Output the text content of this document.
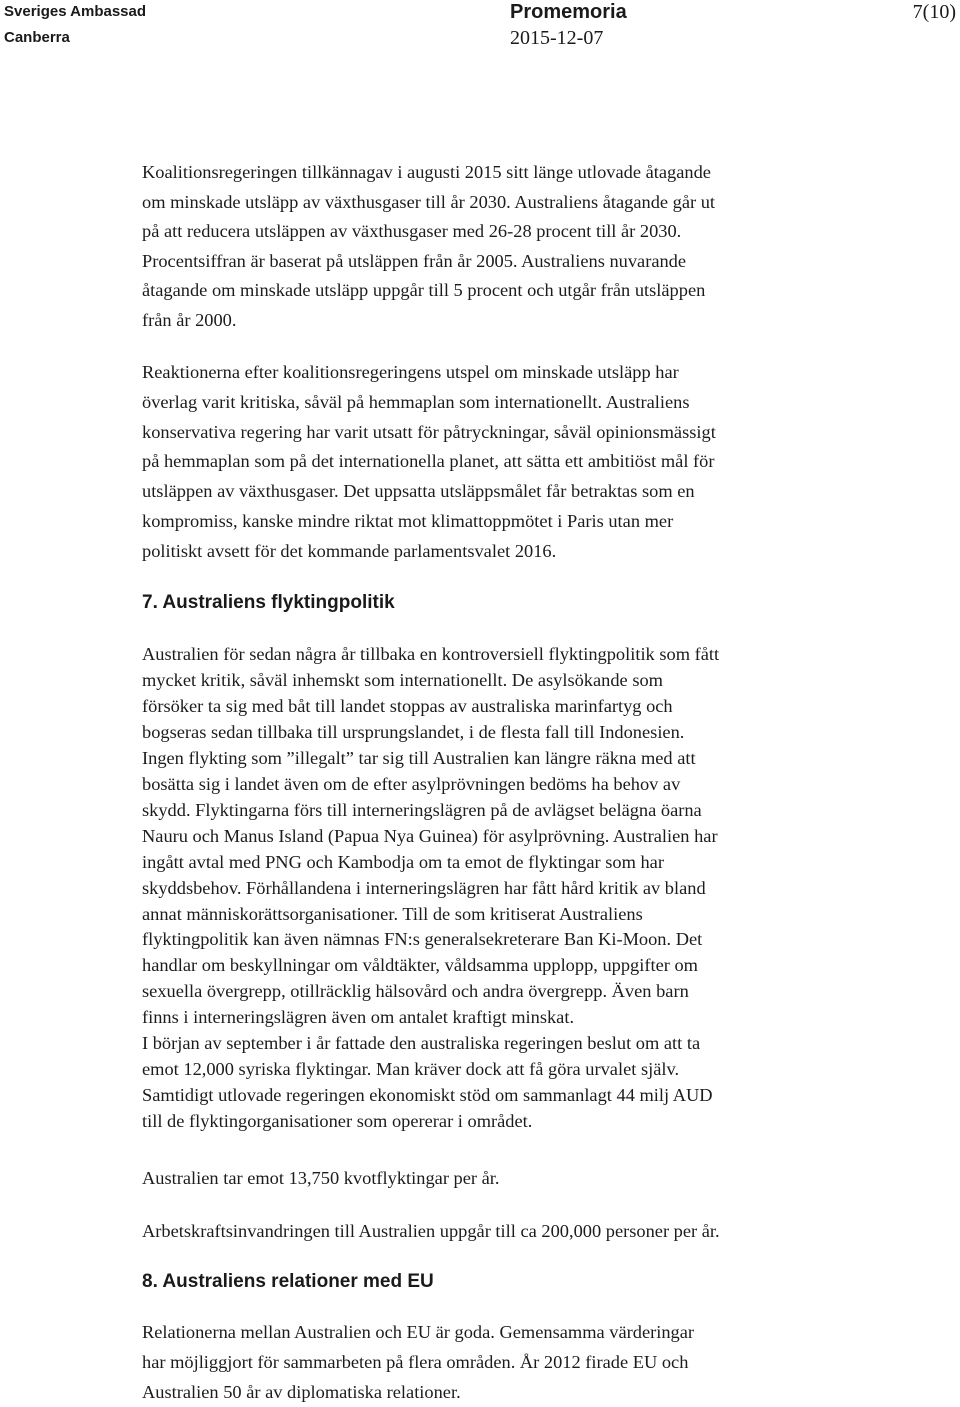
Sveriges Ambassad
Canberra
Promemoria
2015-12-07
7(10)
Koalitionsregeringen tillkännagav i augusti 2015 sitt länge utlovade åtagande
om minskade utsläpp av växthusgaser till år 2030. Australiens åtagande går ut
på att reducera utsläppen av växthusgaser med 26-28 procent till år 2030.
Procentsiffran är baserat på utsläppen från år 2005. Australiens nuvarande
åtagande om minskade utsläpp uppgår till 5 procent och utgår från utsläppen
från år 2000.
Reaktionerna efter koalitionsregeringens utspel om minskade utsläpp har
överlag varit kritiska, såväl på hemmaplan som internationellt. Australiens
konservativa regering har varit utsatt för påtryckningar, såväl opinionsmässigt
på hemmaplan som på det internationella planet, att sätta ett ambitiöst mål för
utsläppen av växthusgaser. Det uppsatta utsläppsmålet får betraktas som en
kompromiss, kanske mindre riktat mot klimattoppmötet i Paris utan mer
politiskt avsett för det kommande parlamentsvalet 2016.
7. Australiens flyktingpolitik
Australien för sedan några år tillbaka en kontroversiell flyktingpolitik som fått
mycket kritik, såväl inhemskt som internationellt. De asylsökande som
försöker ta sig med båt till landet stoppas av australiska marinfartyg och
bogseras sedan tillbaka till ursprungslandet, i de flesta fall till Indonesien.
Ingen flykting som ”illegalt” tar sig till Australien kan längre räkna med att
bosätta sig i landet även om de efter asylprövningen bedöms ha behov av
skydd. Flyktingarna förs till interneringslägren på de avlägset belägna öarna
Nauru och Manus Island (Papua Nya Guinea) för asylprövning. Australien har
ingått avtal med PNG och Kambodja om ta emot de flyktingar som har
skyddsbehov. Förhållandena i interneringslägren har fått hård kritik av bland
annat människorättsorganisationer. Till de som kritiserat Australiens
flyktingpolitik kan även nämnas FN:s generalsekreterare Ban Ki-Moon. Det
handlar om beskyllningar om våldtäkter, våldsamma upplopp, uppgifter om
sexuella övergrepp, otillräcklig hälsovård och andra övergrepp. Även barn
finns i interneringslägren även om antalet kraftigt minskat.
I början av september i år fattade den australiska regeringen beslut om att ta
emot 12,000 syriska flyktingar. Man kräver dock att få göra urvalet själv.
Samtidigt utlovade regeringen ekonomiskt stöd om sammanlagt 44 milj AUD
till de flyktingorganisationer som opererar i området.
Australien tar emot 13,750 kvotflyktingar per år.
Arbetskraftsinvandringen till Australien uppgår till ca 200,000 personer per år.
8. Australiens relationer med EU
Relationerna mellan Australien och EU är goda. Gemensamma värderingar
har möjliggjort för sammarbeten på flera områden. År 2012 firade EU och
Australien 50 år av diplomatiska relationer.
